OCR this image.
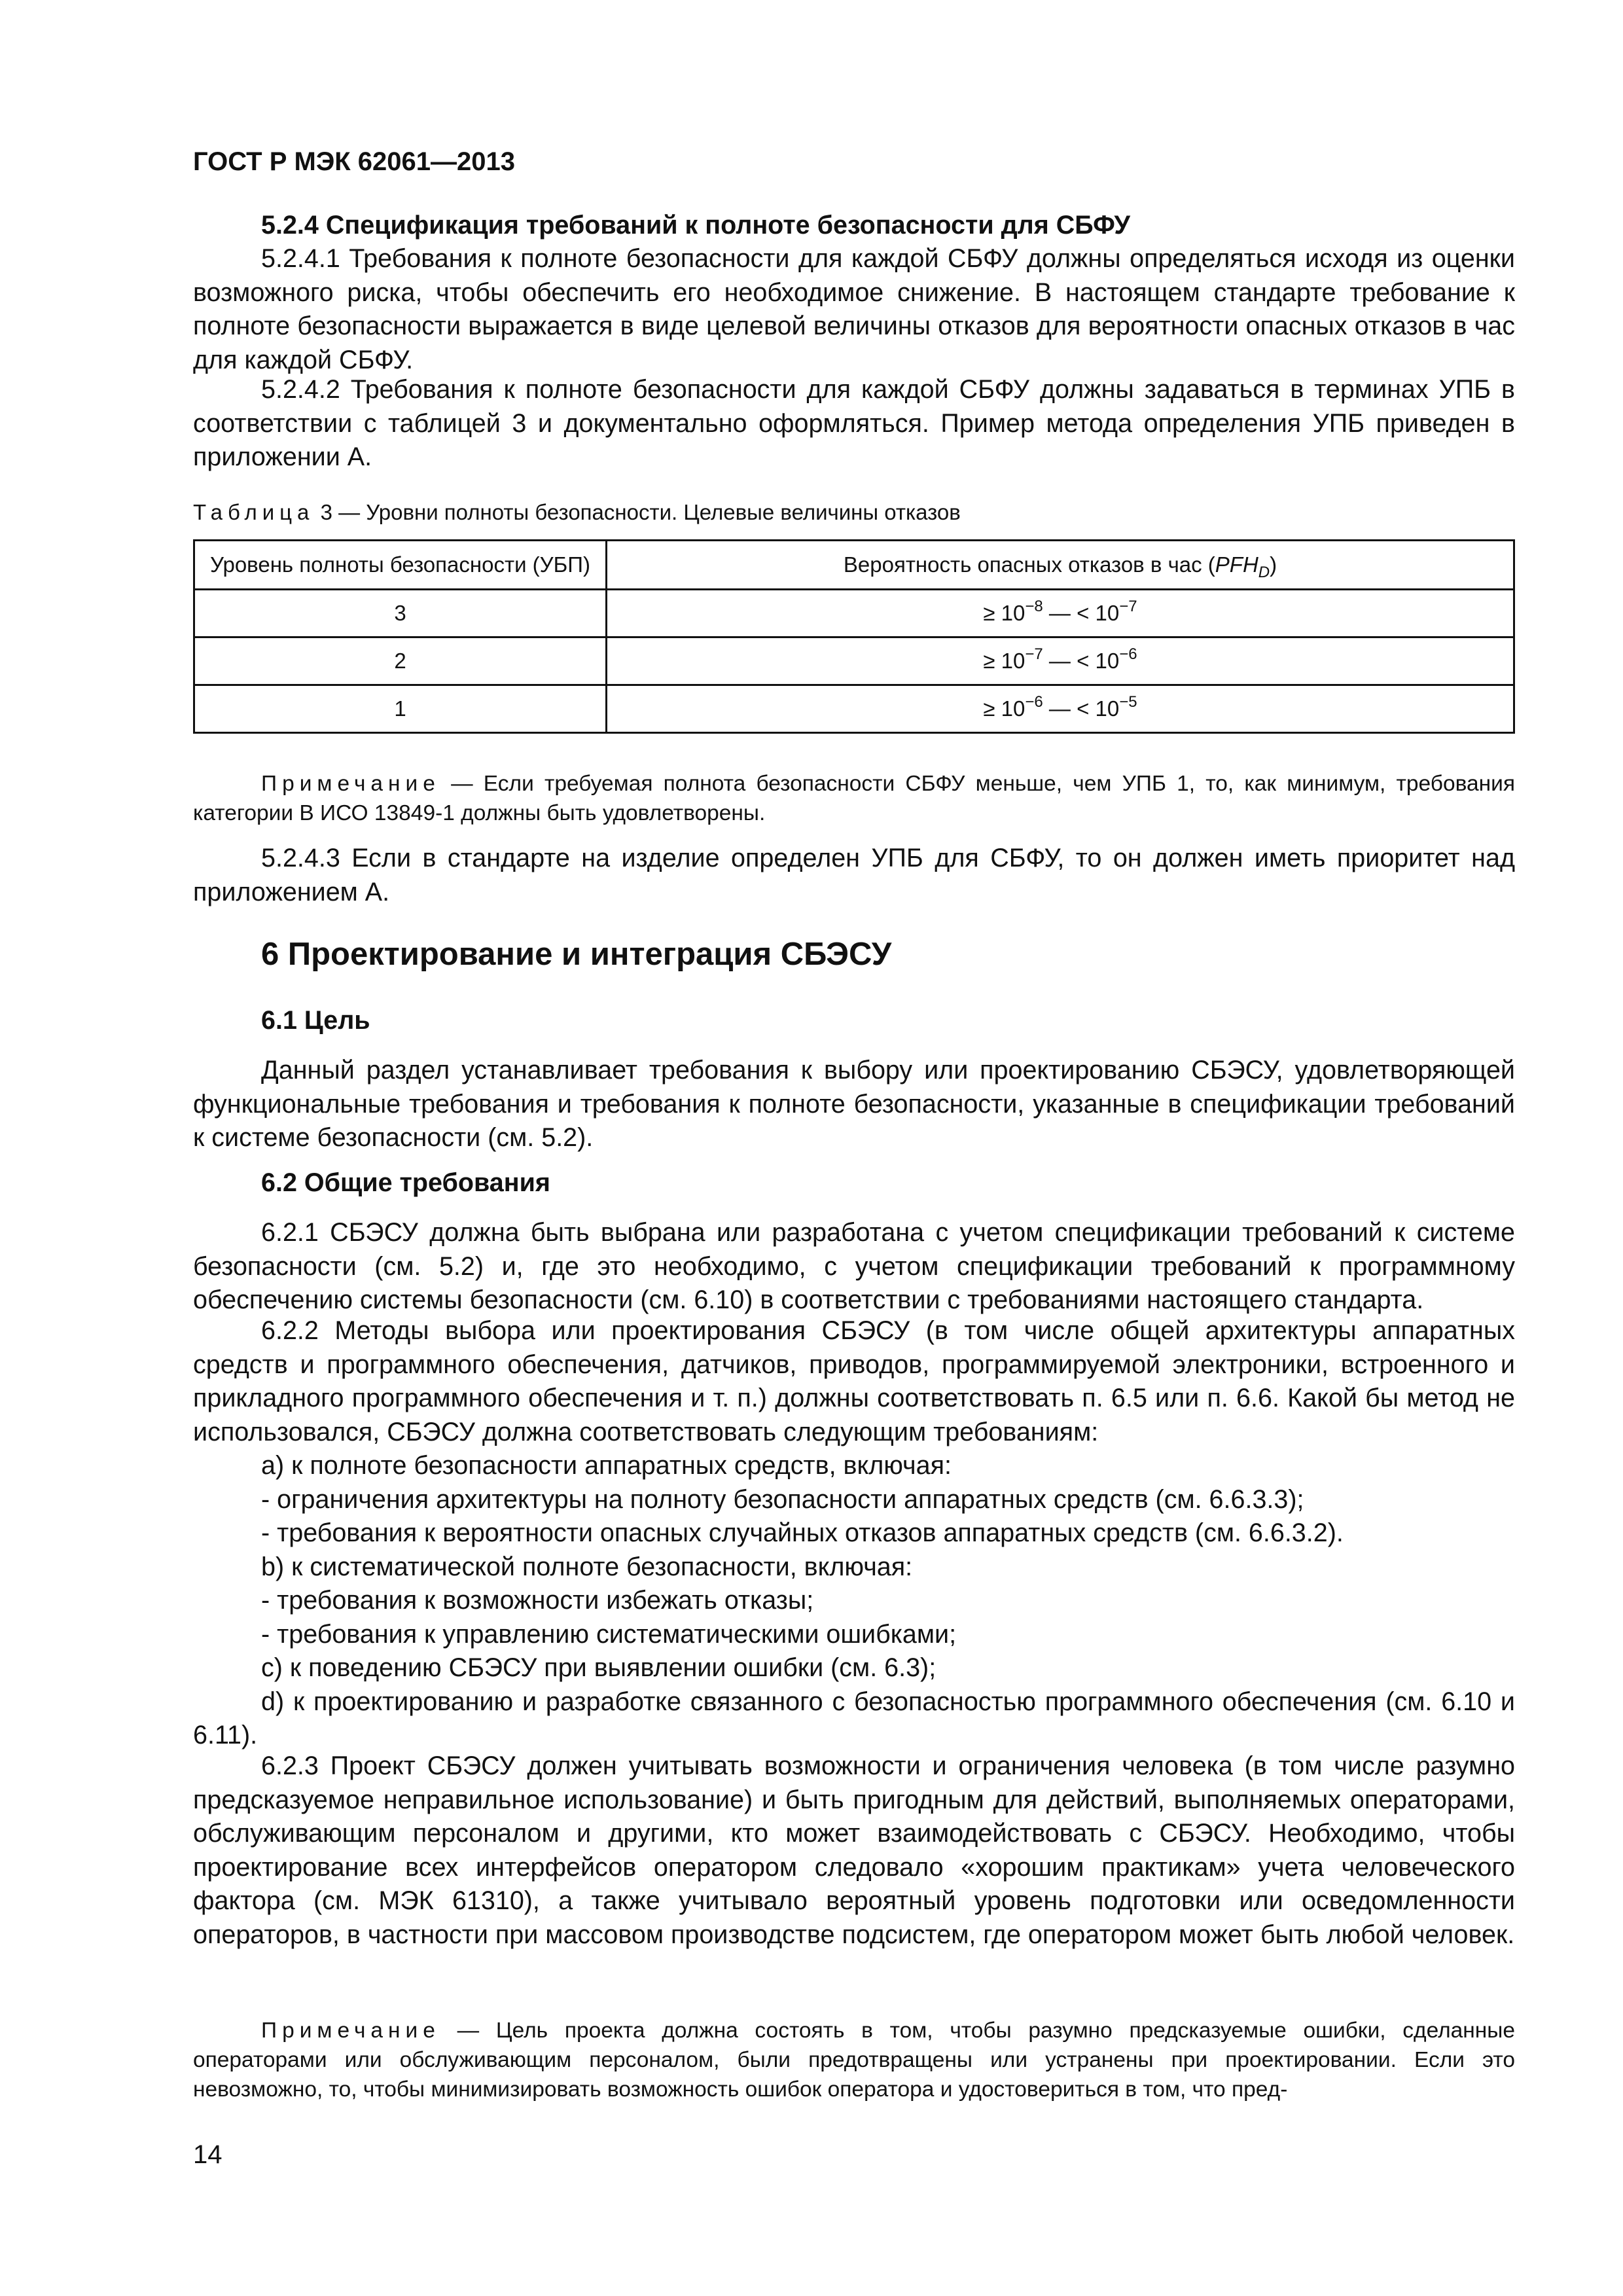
ГОСТ Р МЭК 62061—2013
5.2.4 Спецификация требований к полноте безопасности для СБФУ

5.2.4.1 Требования к полноте безопасности для каждой СБФУ должны определяться исходя из оценки возможного риска, чтобы обеспечить его необходимое снижение. В настоящем стандарте требование к полноте безопасности выражается в виде целевой величины отказов для вероятности опасных отказов в час для каждой СБФУ.

5.2.4.2 Требования к полноте безопасности для каждой СБФУ должны задаваться в терминах УПБ в соответствии с таблицей 3 и документально оформляться. Пример метода определения УПБ приведен в приложении А.

Таблица 3 — Уровни полноты безопасности. Целевые величины отказов
Уровень полноты безопасности (УБП)	Вероятность опасных отказов в час $(PFH_D)$
3	≥ $10^{-8}$ — < $10^{-7}$
2	≥ $10^{-7}$ — < $10^{-6}$
1	≥ $10^{-6}$ — < $10^{-5}$

Примечание — Если требуемая полнота безопасности СБФУ меньше, чем УПБ 1, то, как минимум, требования категории В ИСО 13849-1 должны быть удовлетворены.

5.2.4.3 Если в стандарте на изделие определен УПБ для СБФУ, то он должен иметь приоритет над приложением А.

6 Проектирование и интеграция СБЭСУ
6.1 Цель

Данный раздел устанавливает требования к выбору или проектированию СБЭСУ, удовлетворяющей функциональные требования и требования к полноте безопасности, указанные в спецификации требований к системе безопасности (см. 5.2).

6.2 Общие требования

6.2.1 СБЭСУ должна быть выбрана или разработана с учетом спецификации требований к системе безопасности (см. 5.2) и, где это необходимо, с учетом спецификации требований к программному обеспечению системы безопасности (см. 6.10) в соответствии с требованиями настоящего стандарта.

6.2.2 Методы выбора или проектирования СБЭСУ (в том числе общей архитектуры аппаратных средств и программного обеспечения, датчиков, приводов, программируемой электроники, встроенного и прикладного программного обеспечения и т. п.) должны соответствовать п. 6.5 или п. 6.6. Какой бы метод не использовался, СБЭСУ должна соответствовать следующим требованиям:

а) к полноте безопасности аппаратных средств, включая:

- ограничения архитектуры на полноту безопасности аппаратных средств (см. 6.6.3.3);

- требования к вероятности опасных случайных отказов аппаратных средств (см. 6.6.3.2).

b) к систематической полноте безопасности, включая:

- требования к возможности избежать отказы;

- требования к управлению систематическими ошибками;

c) к поведению СБЭСУ при выявлении ошибки (см. 6.3);

d) к проектированию и разработке связанного с безопасностью программного обеспечения (см. 6.10 и 6.11).

6.2.3 Проект СБЭСУ должен учитывать возможности и ограничения человека (в том числе разумно предсказуемое неправильное использование) и быть пригодным для действий, выполняемых операторами, обслуживающим персоналом и другими, кто может взаимодействовать с СБЭСУ. Необходимо, чтобы проектирование всех интерфейсов оператором следовало «хорошим практикам» учета человеческого фактора (см. МЭК 61310), а также учитывало вероятный уровень подготовки или осведомленности операторов, в частности при массовом производстве подсистем, где оператором может быть любой человек.

Примечание — Цель проекта должна состоять в том, чтобы разумно предсказуемые ошибки, сделанные операторами или обслуживающим персоналом, были предотвращены или устранены при проектировании. Если это невозможно, то, чтобы минимизировать возможность ошибок оператора и удостовериться в том, что пред-

14
